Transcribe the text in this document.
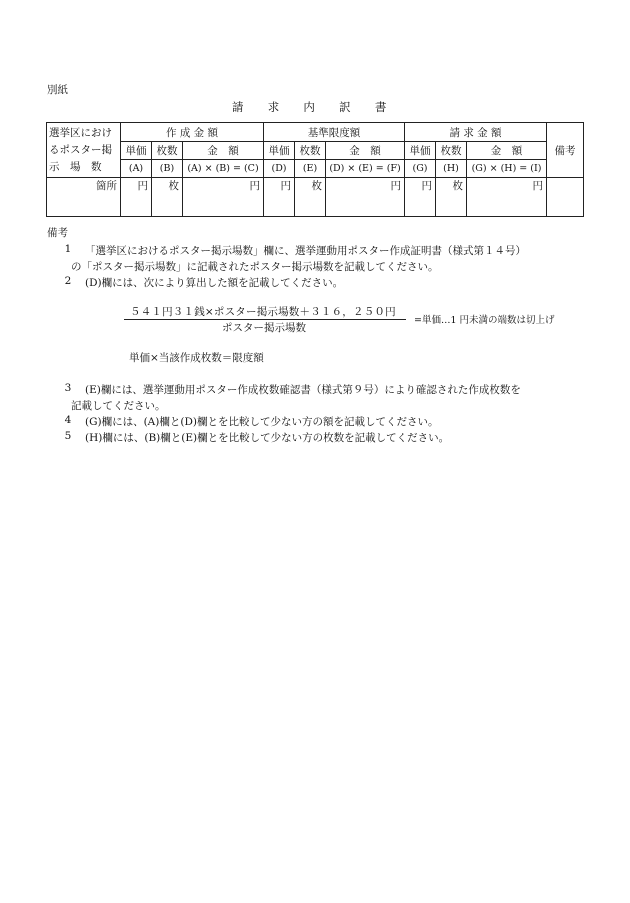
別紙
請 求 内 訳 書
選挙区におけ
るポスター掲
示　場　数	作 成 金 額			基準限度額			請 求 金 額			備考
	単価	枚数	金　額	単価	枚数	金　額	単価	枚数	金　額	
	(A)	(B)	(A) × (B) = (C)	(D)	(E)	(D) × (E) = (F)	(G)	(H)	(G) × (H) = (I)	
箇所	円	枚	円	円	枚	円	円	枚	円	
備考
1 「選挙区におけるポスター掲示場数」欄に、選挙運動用ポスター作成証明書（様式第１４号）
の「ポスター掲示場数」に記載されたポスター掲示場数を記載してください。
2 (D)欄には、次により算出した額を記載してください。
５４１円３１銭×ポスター掲示場数＋３１６，２５０円
ポスター掲示場数
=単価…1 円未満の端数は切上げ
単価×当該作成枚数＝限度額
3 (E)欄には、選挙運動用ポスター作成枚数確認書（様式第９号）により確認された作成枚数を
記載してください。
4 (G)欄には、(A)欄と(D)欄とを比較して少ない方の額を記載してください。
5 (H)欄には、(B)欄と(E)欄とを比較して少ない方の枚数を記載してください。
